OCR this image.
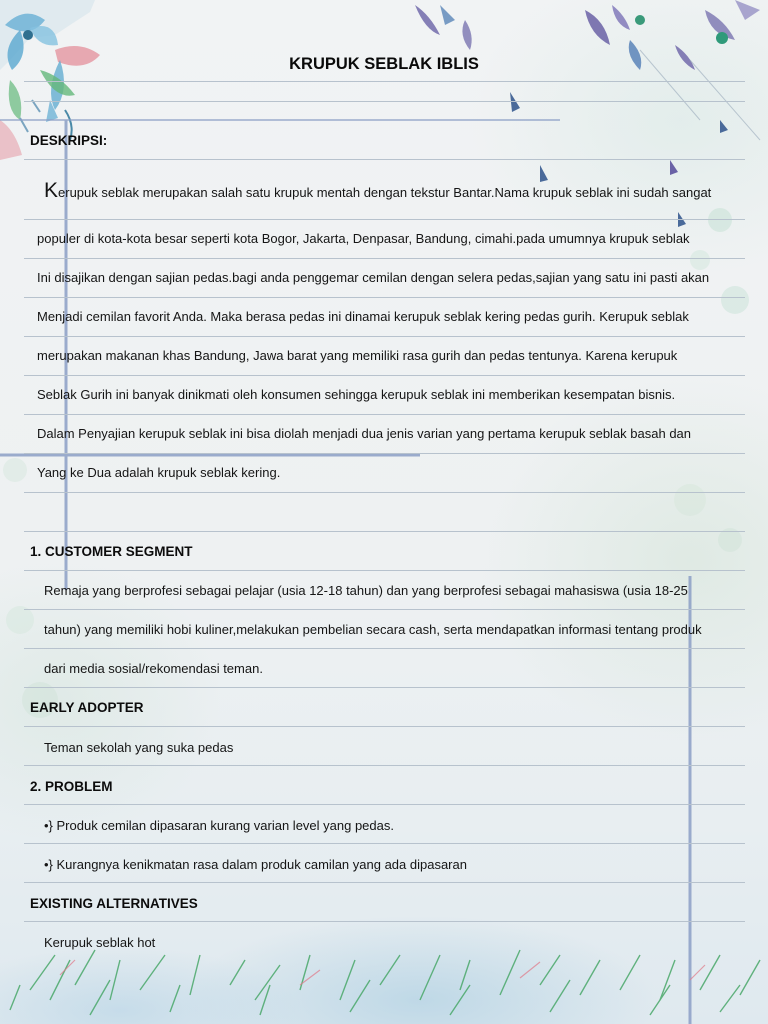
KRUPUK SEBLAK IBLIS
DESKRIPSI:
Kerupuk seblak merupakan salah satu krupuk mentah dengan tekstur Bantar.Nama krupuk seblak ini sudah sangat
populer di kota-kota besar seperti kota Bogor, Jakarta, Denpasar, Bandung, cimahi.pada umumnya krupuk seblak
Ini disajikan dengan sajian pedas.bagi anda penggemar cemilan dengan selera pedas,sajian yang satu ini pasti akan
Menjadi cemilan favorit Anda. Maka berasa pedas ini dinamai kerupuk seblak kering pedas gurih. Kerupuk seblak
merupakan makanan khas Bandung, Jawa barat yang memiliki rasa gurih dan pedas tentunya. Karena kerupuk
Seblak Gurih ini banyak dinikmati oleh konsumen sehingga kerupuk seblak ini memberikan kesempatan bisnis.
Dalam Penyajian kerupuk seblak ini bisa diolah menjadi dua jenis varian yang pertama kerupuk seblak basah dan
Yang ke Dua adalah krupuk seblak kering.
1. CUSTOMER SEGMENT
Remaja yang berprofesi sebagai pelajar (usia 12-18 tahun) dan yang berprofesi sebagai mahasiswa (usia 18-25
tahun) yang memiliki hobi kuliner,melakukan pembelian secara cash, serta mendapatkan informasi tentang produk
dari media sosial/rekomendasi teman.
EARLY ADOPTER
Teman sekolah yang suka pedas
2. PROBLEM
•} Produk cemilan dipasaran kurang varian level yang pedas.
•} Kurangnya kenikmatan rasa dalam produk camilan yang ada dipasaran
EXISTING ALTERNATIVES
Kerupuk seblak hot
